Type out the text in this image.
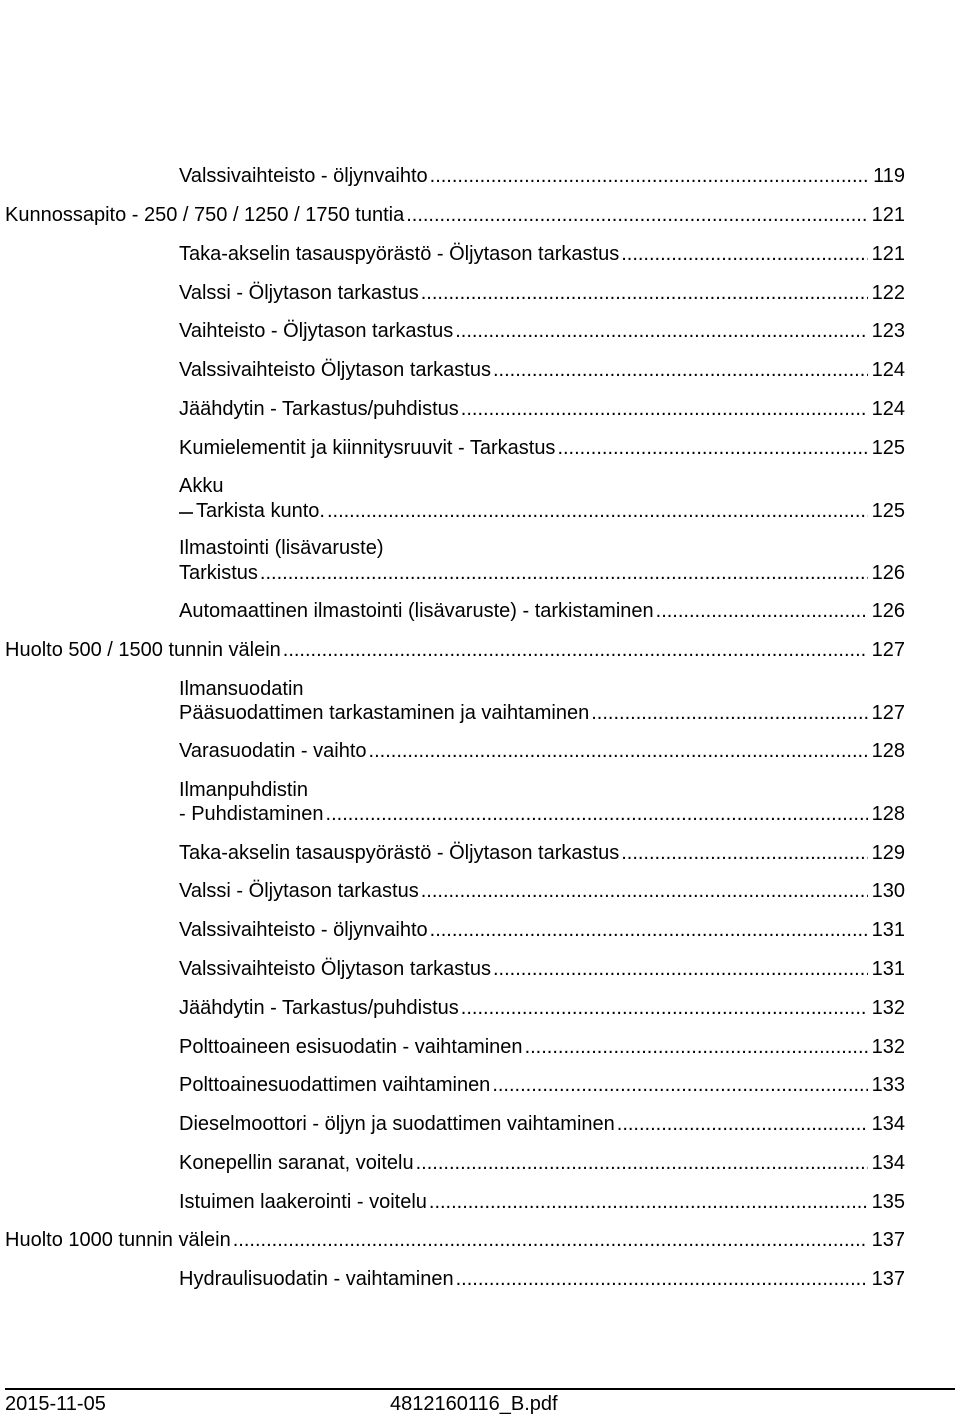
Valssivaihteisto - öljynvaihto .....	119
Kunnossapito - 250 / 750 / 1250 / 1750 tuntia .....	121
Taka-akselin tasauspyörästö - Öljytason tarkastus .....	121
Valssi - Öljytason tarkastus .....	122
Vaihteisto - Öljytason tarkastus .....	123
Valssivaihteisto Öljytason tarkastus .....	124
Jäähdytin - Tarkastus/puhdistus .....	124
Kumielementit ja kiinnitysruuvit - Tarkastus .....	125
Akku
Tarkista kunto. .....	125
Ilmastointi (lisävaruste)
Tarkistus .....	126
Automaattinen ilmastointi (lisävaruste) - tarkistaminen .....	126
Huolto 500 / 1500 tunnin välein .....	127
Ilmansuodatin
Pääsuodattimen tarkastaminen ja vaihtaminen .....	127
Varasuodatin - vaihto .....	128
Ilmanpuhdistin
- Puhdistaminen .....	128
Taka-akselin tasauspyörästö - Öljytason tarkastus .....	129
Valssi - Öljytason tarkastus .....	130
Valssivaihteisto - öljynvaihto .....	131
Valssivaihteisto Öljytason tarkastus .....	131
Jäähdytin - Tarkastus/puhdistus .....	132
Polttoaineen esisuodatin - vaihtaminen .....	132
Polttoainesuodattimen vaihtaminen .....	133
Dieselmoottori - öljyn ja suodattimen vaihtaminen .....	134
Konepellin saranat, voitelu .....	134
Istuimen laakerointi - voitelu .....	135
Huolto 1000 tunnin välein .....	137
Hydraulisuodatin - vaihtaminen .....	137
2015-11-05	4812160116_B.pdf
